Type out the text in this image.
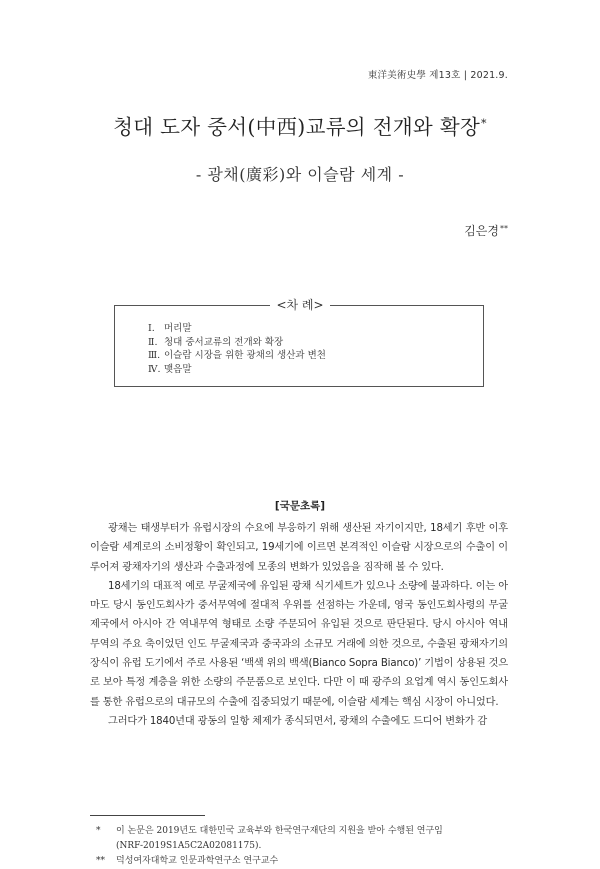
東洋美術史學 제13호 | 2021.9.
청대 도자 중서(中西)교류의 전개와 확장*
- 광채(廣彩)와 이슬람 세계 -
김은경**
<차 례>
Ⅰ. 머리말
Ⅱ. 청대 중서교류의 전개와 확장
Ⅲ. 이슬람 시장을 위한 광채의 생산과 변천
Ⅳ. 맺음말
[국문초록]

광채는 태생부터가 유럽시장의 수요에 부응하기 위해 생산된 자기이지만, 18세기 후반 이후 이슬람 세계로의 소비정황이 확인되고, 19세기에 이르면 본격적인 이슬람 시장으로의 수출이 이루어져 광채자기의 생산과 수출과정에 모종의 변화가 있었음을 짐작해 볼 수 있다.

18세기의 대표적 예로 무굴제국에 유입된 광채 식기세트가 있으나 소량에 불과하다. 이는 아마도 당시 동인도회사가 중서무역에 절대적 우위를 선점하는 가운데, 영국 동인도회사령의 무굴제국에서 아시아 간 역내무역 형태로 소량 주문되어 유입된 것으로 판단된다. 당시 아시아 역내무역의 주요 축이었던 인도 무굴제국과 중국과의 소규모 거래에 의한 것으로, 수출된 광채자기의 장식이 유럽 도기에서 주로 사용된 ‘백색 위의 백색(Bianco Sopra Bianco)’ 기법이 상용된 것으로 보아 특정 계층을 위한 소량의 주문품으로 보인다. 다만 이 때 광주의 요업계 역시 동인도회사를 통한 유럽으로의 대규모의 수출에 집중되었기 때문에, 이슬람 세계는 핵심 시장이 아니었다.

그러다가 1840년대 광동의 일항 체제가 종식되면서, 광채의 수출에도 드디어 변화가 감

* 이 논문은 2019년도 대한민국 교육부와 한국연구재단의 지원을 받아 수행된 연구임
(NRF-2019S1A5C2A02081175).
** 덕성여자대학교 인문과학연구소 연구교수
